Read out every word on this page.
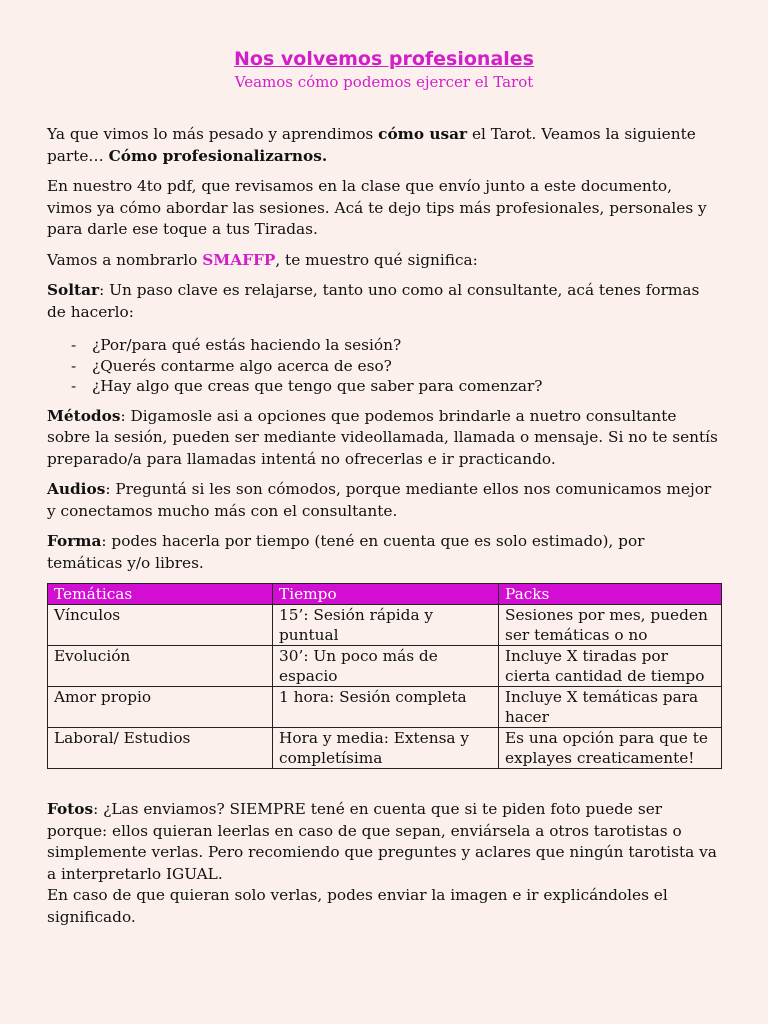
Nos volvemos profesionales

Veamos cómo podemos ejercer el Tarot

Ya que vimos lo más pesado y aprendimos cómo usar el Tarot. Veamos la siguiente parte… Cómo profesionalizarnos.

En nuestro 4to pdf, que revisamos en la clase que envío junto a este documento, vimos ya cómo abordar las sesiones. Acá te dejo tips más profesionales, personales y para darle ese toque a tus Tiradas.

Vamos a nombrarlo SMAFFP, te muestro qué significa:

Soltar: Un paso clave es relajarse, tanto uno como al consultante, acá tenes formas de hacerlo:

- ¿Por/para qué estás haciendo la sesión?
- ¿Querés contarme algo acerca de eso?
- ¿Hay algo que creas que tengo que saber para comenzar?

Métodos: Digamosle asi a opciones que podemos brindarle a nuetro consultante sobre la sesión, pueden ser mediante videollamada, llamada o mensaje. Si no te sentís preparado/a para llamadas intentá no ofrecerlas e ir practicando.

Audios: Preguntá si les son cómodos, porque mediante ellos nos comunicamos mejor y conectamos mucho más con el consultante.

Forma: podes hacerla por tiempo (tené en cuenta que es solo estimado), por temáticas y/o libres.

Temáticas	Tiempo	Packs
Vínculos	15’: Sesión rápida y puntual	Sesiones por mes, pueden ser temáticas o no
Evolución	30’: Un poco más de espacio	Incluye X tiradas por cierta cantidad de tiempo
Amor propio	1 hora: Sesión completa	Incluye X temáticas para hacer
Laboral/ Estudios	Hora y media: Extensa y completísima	Es una opción para que te explayes creaticamente!

Fotos: ¿Las enviamos? SIEMPRE tené en cuenta que si te piden foto puede ser porque: ellos quieran leerlas en caso de que sepan, enviársela a otros tarotistas o simplemente verlas. Pero recomiendo que preguntes y aclares que ningún tarotista va a interpretarlo IGUAL.

En caso de que quieran solo verlas, podes enviar la imagen e ir explicándoles el significado.
